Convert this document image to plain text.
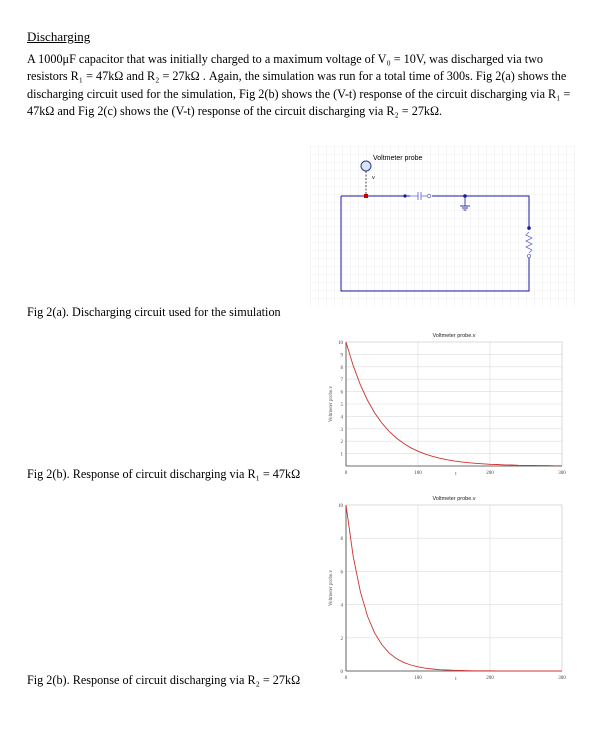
Discharging
A 1000μF capacitor that was initially charged to a maximum voltage of V₀ = 10V, was discharged via two resistors R₁ = 47kΩ and R₂ = 27kΩ . Again, the simulation was run for a total time of 300s. Fig 2(a) shows the discharging circuit used for the simulation, Fig 2(b) shows the (V-t) response of the circuit discharging via R₁ = 47kΩ and Fig 2(c) shows the (V-t) response of the circuit discharging via R₂ = 27kΩ.
Voltmeter probe
v
Fig 2(a). Discharging circuit used for the simulation
Voltmeter probe.v
0	100	200	300
1
2
3
4
5
6
7
8
9
10
t
Voltmeter probe.v
Fig 2(b). Response of circuit discharging via R₁ = 47kΩ
Voltmeter probe.v
0	100	200	300
0
2
4
6
8
10
t
Voltmeter probe.v
Fig 2(b). Response of circuit discharging via R₂ = 27kΩ
